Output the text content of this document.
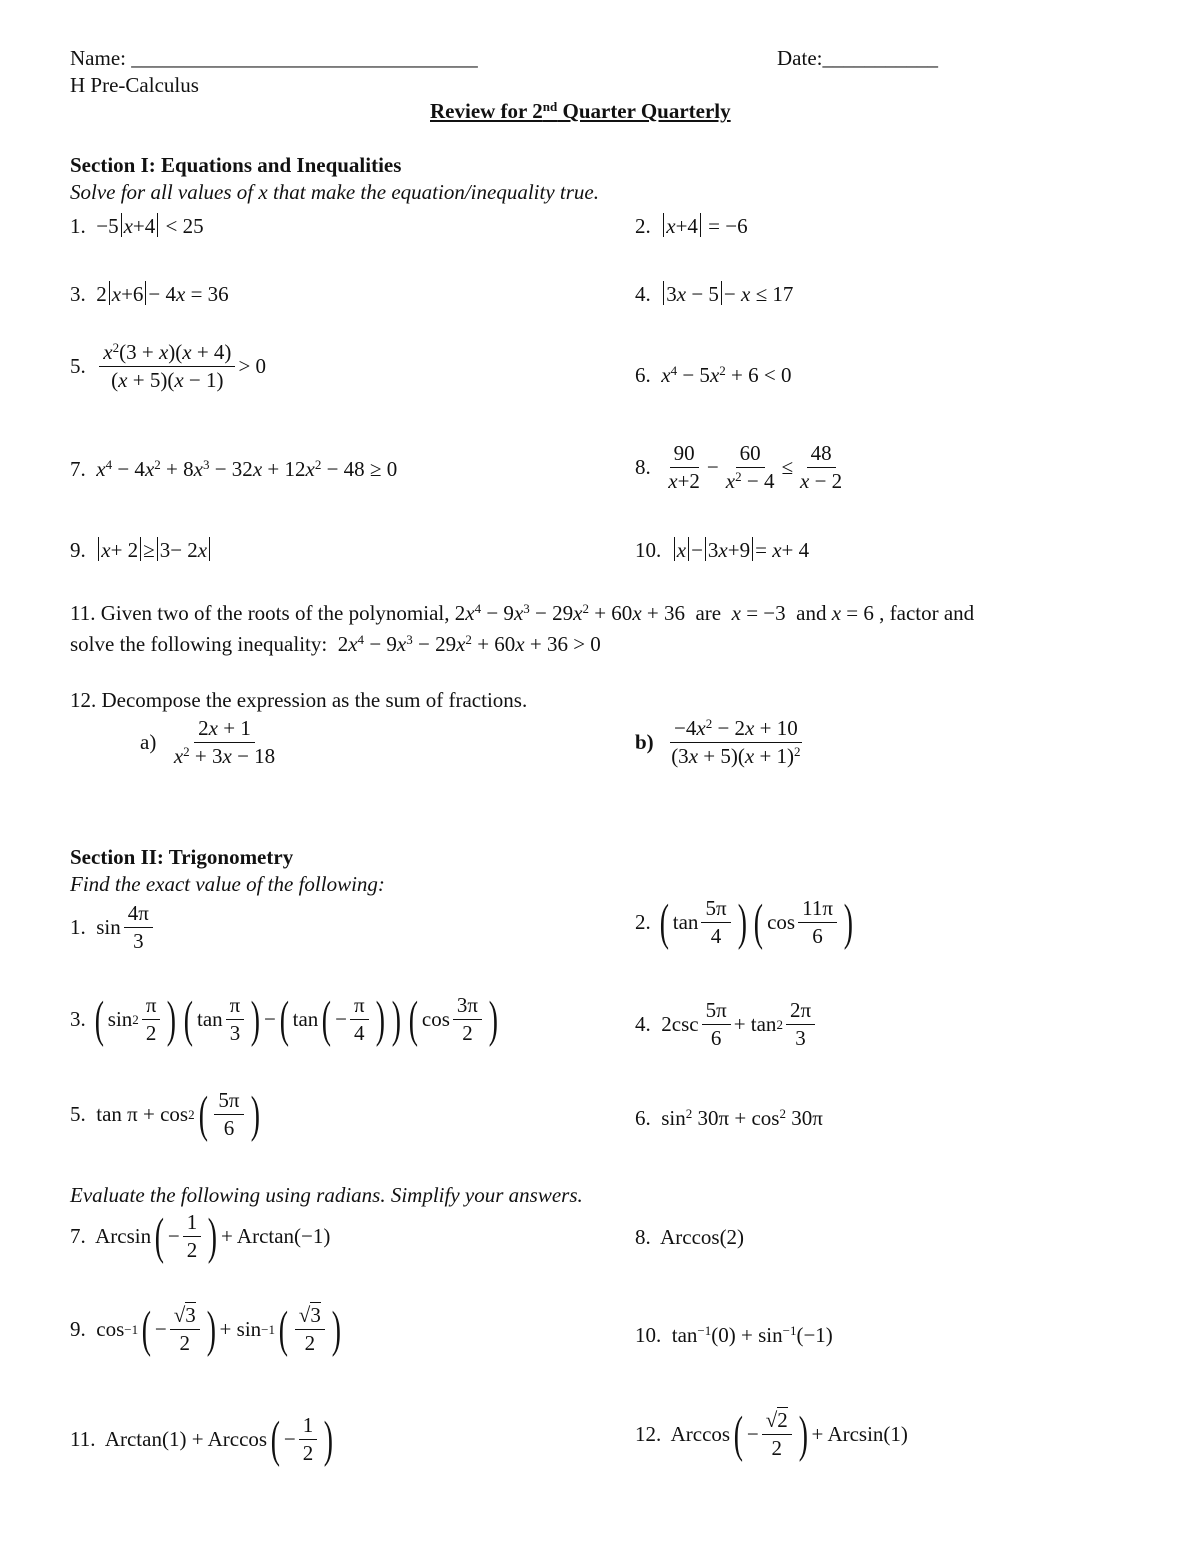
Name: _________________________________	Date:___________
H Pre-Calculus
Review for 2nd Quarter Quarterly
Section I: Equations and Inequalities
Solve for all values of x that make the equation/inequality true.
1.  −5 x+4 < 25	2. x+4 = −6
3.  2 x+6 − 4x = 36	4. 3x − 5 − x ≤ 17
5.
$\frac{x^2(3 + x)(x + 4)}{(x + 5)(x - 1)} > 0$	6. $x^4 - 5x^2 + 6 < 0$
7. $x^4 - 4x^2 + 8x^3 - 32x + 12x^2 - 48 \ge 0$	8.
$\frac{90}{x+2} - \frac{60}{x^2 - 4} \le \frac{48}{x - 2}$
9. x+ 2 ≥ 3− 2x	10. x − 3x+9 = x+ 4
11. Given two of the roots of the polynomial, $2x^4 - 9x^3 - 29x^2 + 60x + 36$  are x = −3  and x = 6 , factor and
solve the following inequality:  $2x^4 - 9x^3 - 29x^2 + 60x + 36 > 0$
12. Decompose the expression as the sum of fractions.
a)
$\frac{2x + 1}{x^2 + 3x - 18}$	b)
$\frac{-4x^2 - 2x + 10}{(3x + 5)(x + 1)^2}$
Section II: Trigonometry
Find the exact value of the following:
1. $\sin \frac{4\pi}{3}$	2.
( $\tan \frac{5\pi}{4}$ ) ( $\cos \frac{11\pi}{6}$ )
3.
( $\sin 2 \frac{\pi}{2}$ ) ( $\tan \frac{\pi}{3}$ ) − ( tan ( − $\frac{\pi}{4}$ ) ) ( $\cos \frac{3\pi}{2}$ )	4. $2\csc \frac{5\pi}{6} + \tan 2 \frac{2\pi}{3}$
5. tan π + cos 2 ( $\frac{5\pi}{6}$ )	6.  $\sin^2 30\pi + \cos^2 30\pi$
Evaluate the following using radians. Simplify your answers.
7. Arcsin ( − $\frac{1}{2}$ ) + Arctan(−1)	8.  Arccos(2)
9. cos −1 ( − $\frac{√3}{2}$ ) + sin −1 ( $\frac{√3}{2}$ )	10.  $\tan^{-1}(0) + \sin^{-1}(-1)$
11. Arctan(1) + Arccos ( − $\frac{1}{2}$ )	12. Arccos ( − $\frac{√2}{2}$ ) + Arcsin(1)
